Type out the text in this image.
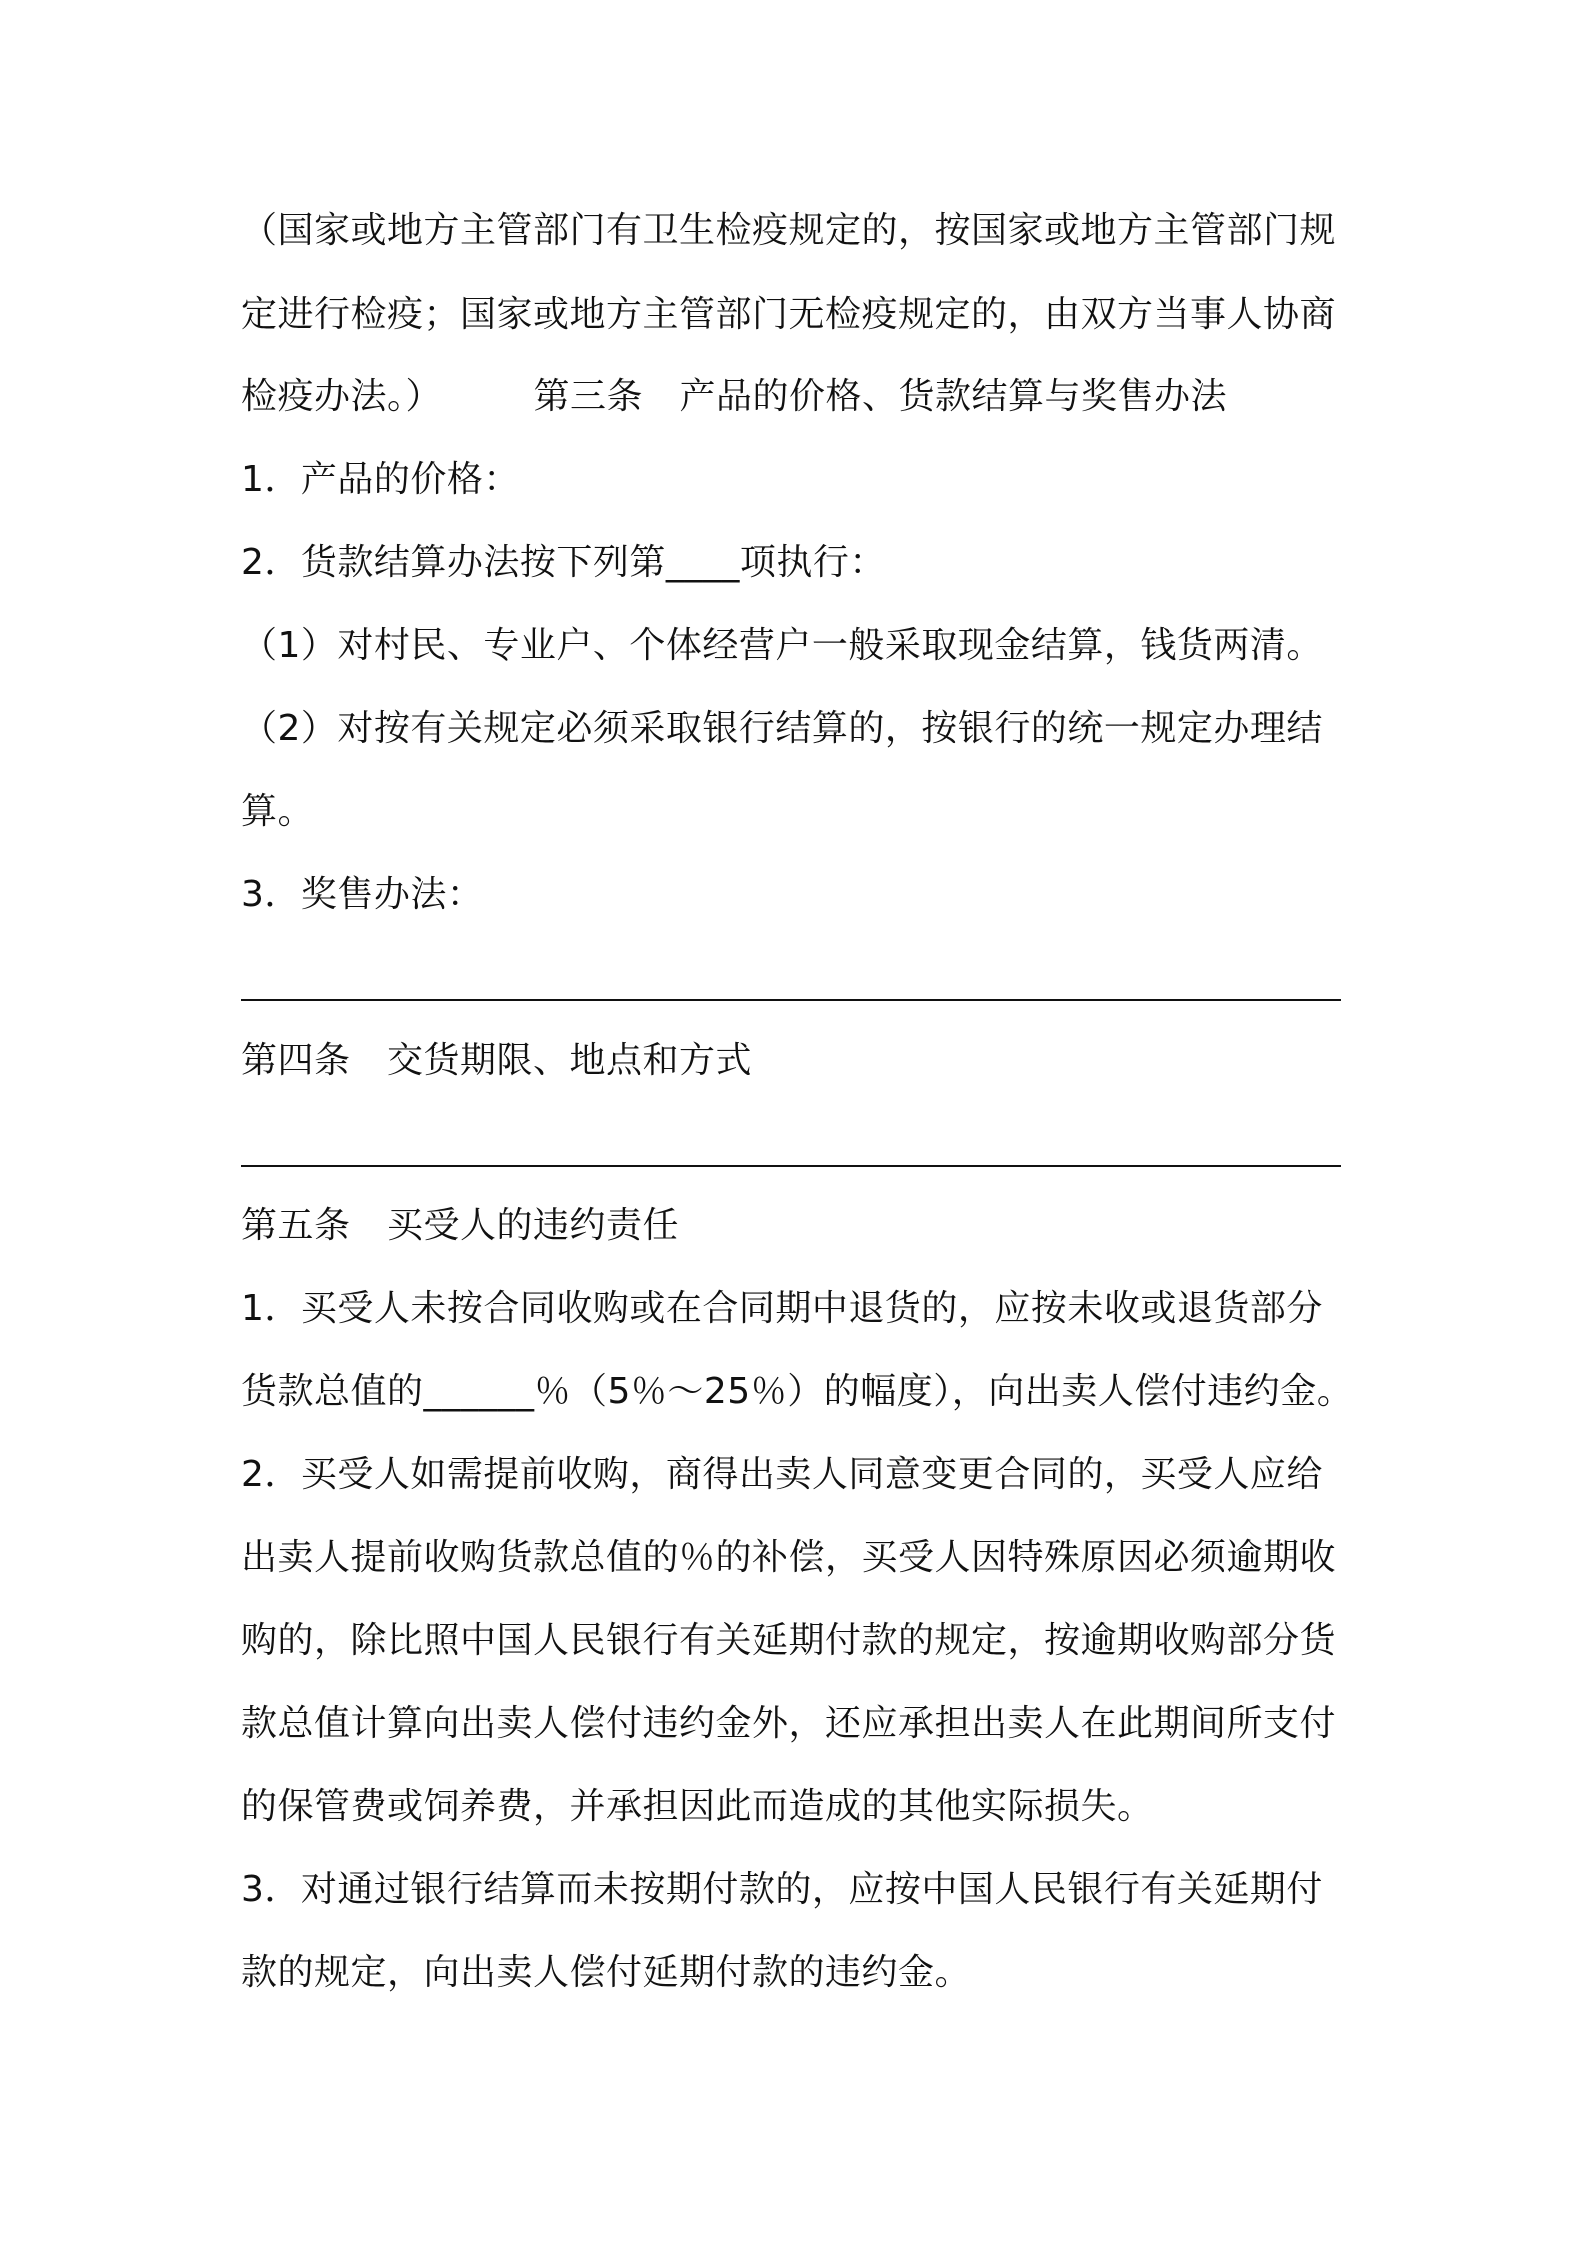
（国家或地方主管部门有卫生检疫规定的，按国家或地方主管部门规
定进行检疫；国家或地方主管部门无检疫规定的，由双方当事人协商
检疫办法。）　　　第三条　产品的价格、货款结算与奖售办法
1．产品的价格：
2．货款结算办法按下列第____项执行：
（1）对村民、专业户、个体经营户一般采取现金结算，钱货两清。
（2）对按有关规定必须采取银行结算的，按银行的统一规定办理结
算。
3．奖售办法：
第四条　交货期限、地点和方式
第五条　买受人的违约责任
1．买受人未按合同收购或在合同期中退货的，应按未收或退货部分
货款总值的______％（5％～25％）的幅度），向出卖人偿付违约金。
2．买受人如需提前收购，商得出卖人同意变更合同的，买受人应给
出卖人提前收购货款总值的％的补偿，买受人因特殊原因必须逾期收
购的，除比照中国人民银行有关延期付款的规定，按逾期收购部分货
款总值计算向出卖人偿付违约金外，还应承担出卖人在此期间所支付
的保管费或饲养费，并承担因此而造成的其他实际损失。
3．对通过银行结算而未按期付款的，应按中国人民银行有关延期付
款的规定，向出卖人偿付延期付款的违约金。
